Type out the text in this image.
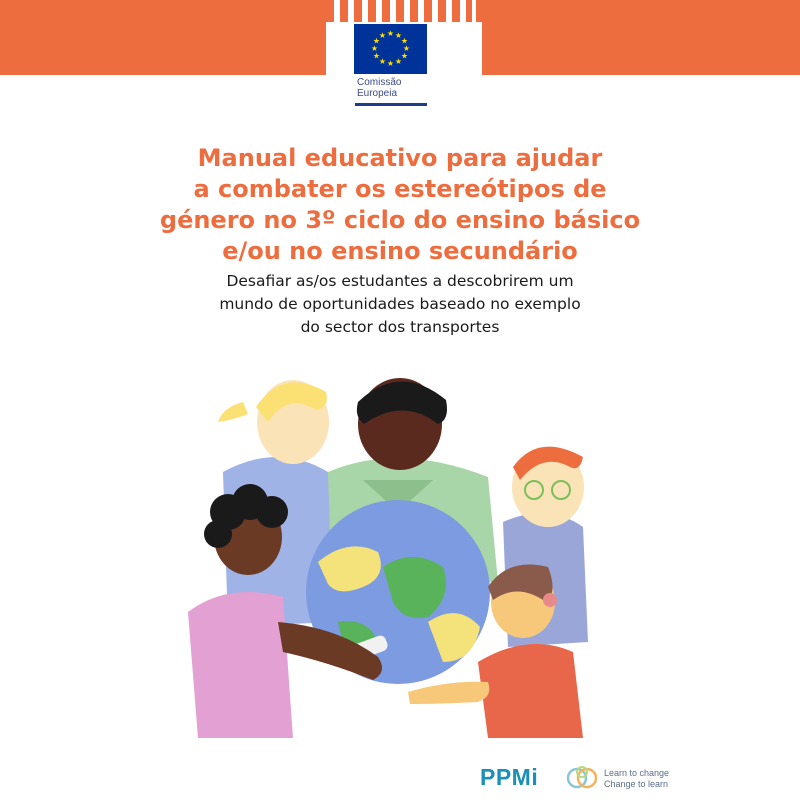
★ ★
★
★
★
★
★
★
★
★
★
★
Comissão
Europeia
Manual educativo para ajudar
a combater os estereótipos de
género no 3º ciclo do ensino básico
e/ou no ensino secundário
Desafiar as/os estudantes a descobrirem um
mundo de oportunidades baseado no exemplo
do sector dos transportes
PPMi	Learn to change
Change to learn
